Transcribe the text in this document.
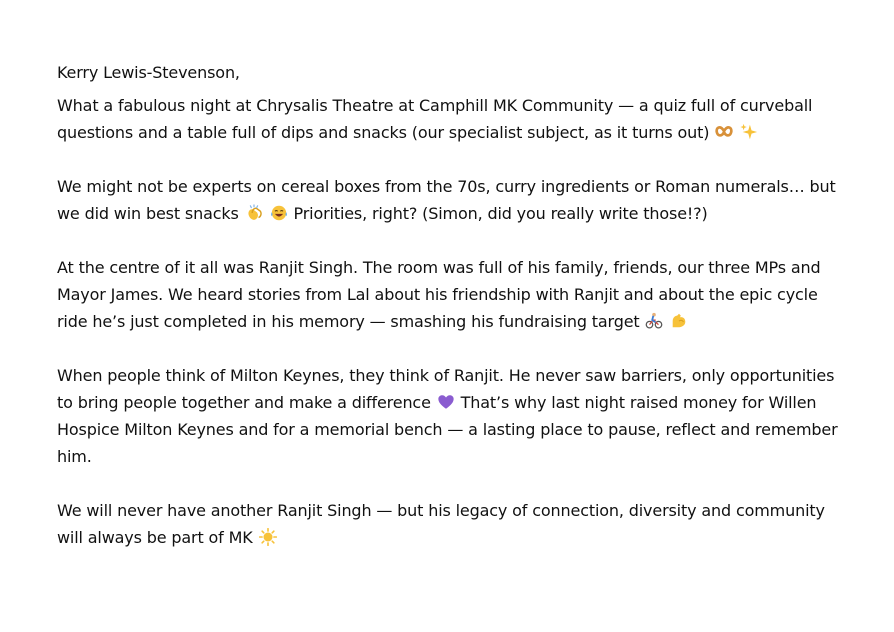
Kerry Lewis-Stevenson,

What a fabulous night at Chrysalis Theatre at Camphill MK Community — a quiz full of curveball questions and a table full of dips and snacks (our specialist subject, as it turns out)

We might not be experts on cereal boxes from the 70s, curry ingredients or Roman numerals… but we did win best snacks	Priorities, right? (Simon, did you really write those!?)

At the centre of it all was Ranjit Singh. The room was full of his family, friends, our three MPs and Mayor James. We heard stories from Lal about his friendship with Ranjit and about the epic cycle ride he’s just completed in his memory — smashing his fundraising target

When people think of Milton Keynes, they think of Ranjit. He never saw barriers, only opportunities to bring people together and make a difference  That’s why last night raised money for Willen Hospice Milton Keynes and for a memorial bench — a lasting place to pause, reflect and remember him.

We will never have another Ranjit Singh — but his legacy of connection, diversity and community will always be part of MK
